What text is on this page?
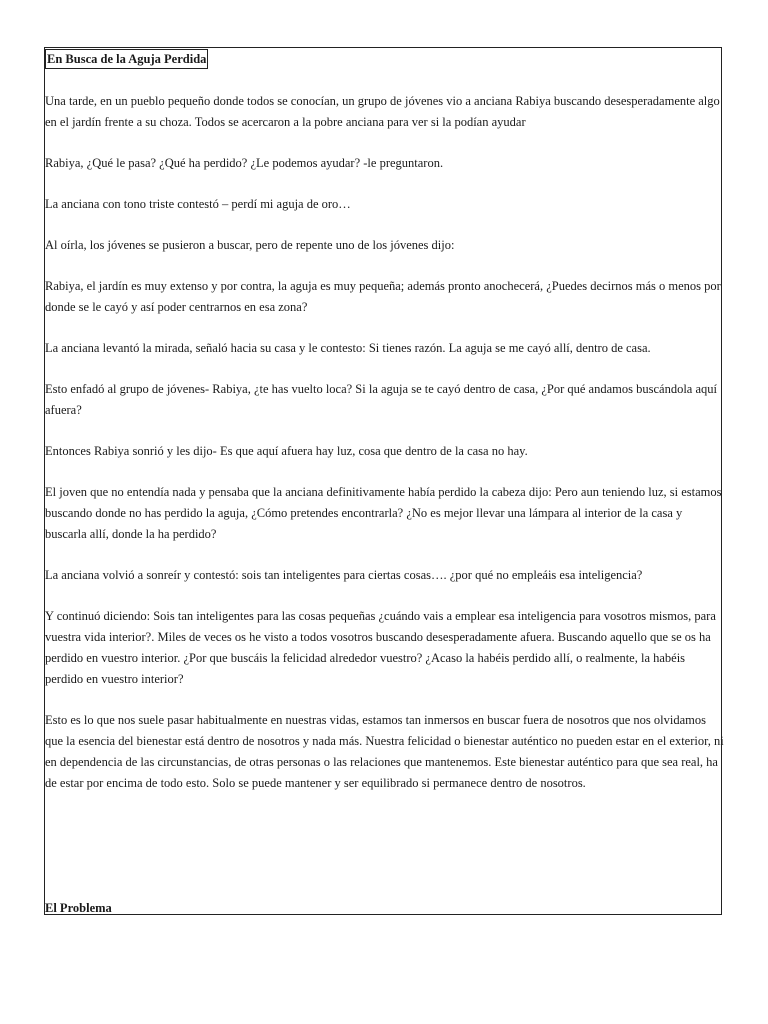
En Busca de la Aguja Perdida

Una tarde, en un pueblo pequeño donde todos se conocían, un grupo de jóvenes vio a anciana Rabiya buscando desesperadamente algo en el jardín frente a su choza. Todos se acercaron a la pobre anciana para ver si la podían ayudar

Rabiya, ¿Qué le pasa? ¿Qué ha perdido? ¿Le podemos ayudar? -le preguntaron.

La anciana con tono triste contestó – perdí mi aguja de oro…

Al oírla, los jóvenes se pusieron a buscar, pero de repente uno de los jóvenes dijo:

Rabiya, el jardín es muy extenso y por contra, la aguja es muy pequeña; además pronto anochecerá, ¿Puedes decirnos más o menos por donde se le cayó y así poder centrarnos en esa zona?

La anciana levantó la mirada, señaló hacia su casa y le contesto: Si tienes razón. La aguja se me cayó allí, dentro de casa.

Esto enfadó al grupo de jóvenes- Rabiya, ¿te has vuelto loca? Si la aguja se te cayó dentro de casa, ¿Por qué andamos buscándola aquí afuera?

Entonces Rabiya sonrió y les dijo- Es que aquí afuera hay luz, cosa que dentro de la casa no hay.

El joven que no entendía nada y pensaba que la anciana definitivamente había perdido la cabeza dijo: Pero aun teniendo luz, si estamos buscando donde no has perdido la aguja, ¿Cómo pretendes encontrarla? ¿No es mejor llevar una lámpara al interior de la casa y buscarla allí, donde la ha perdido?

La anciana volvió a sonreír y contestó: sois tan inteligentes para ciertas cosas…. ¿por qué no empleáis esa inteligencia?

Y continuó diciendo: Sois tan inteligentes para las cosas pequeñas ¿cuándo vais a emplear esa inteligencia para vosotros mismos, para vuestra vida interior?. Miles de veces os he visto a todos vosotros buscando desesperadamente afuera. Buscando aquello que se os ha perdido en vuestro interior. ¿Por que buscáis la felicidad alrededor vuestro? ¿Acaso la habéis perdido allí, o realmente, la habéis perdido en vuestro interior?

Esto es lo que nos suele pasar habitualmente en nuestras vidas, estamos tan inmersos en buscar fuera de nosotros que nos olvidamos que la esencia del bienestar está dentro de nosotros y nada más. Nuestra felicidad o bienestar auténtico no pueden estar en el exterior, ni en dependencia de las circunstancias, de otras personas o las relaciones que mantenemos. Este bienestar auténtico para que sea real, ha de estar por encima de todo esto. Solo se puede mantener y ser equilibrado si permanece dentro de nosotros.

El Problema
